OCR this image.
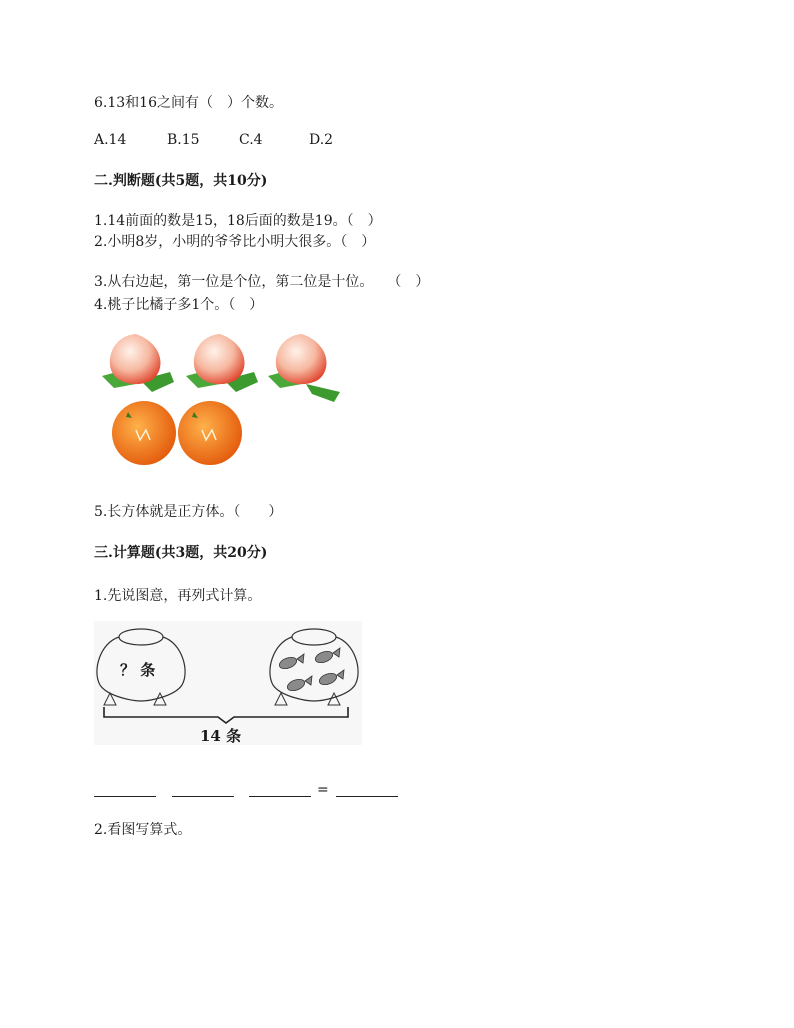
6.13和16之间有（　）个数。
A.14	B.15	C.4	D.2
二.判断题(共5题，共10分)
1.14前面的数是15，18后面的数是19。（　）
2.小明8岁，小明的爷爷比小明大很多。（　）
3.从右边起，第一位是个位，第二位是十位。　　（　）
4.桃子比橘子多1个。（　）
5.长方体就是正方体。（　　）
三.计算题(共3题，共20分)
1.先说图意，再列式计算。
？ 条
14 条
=
2.看图写算式。
